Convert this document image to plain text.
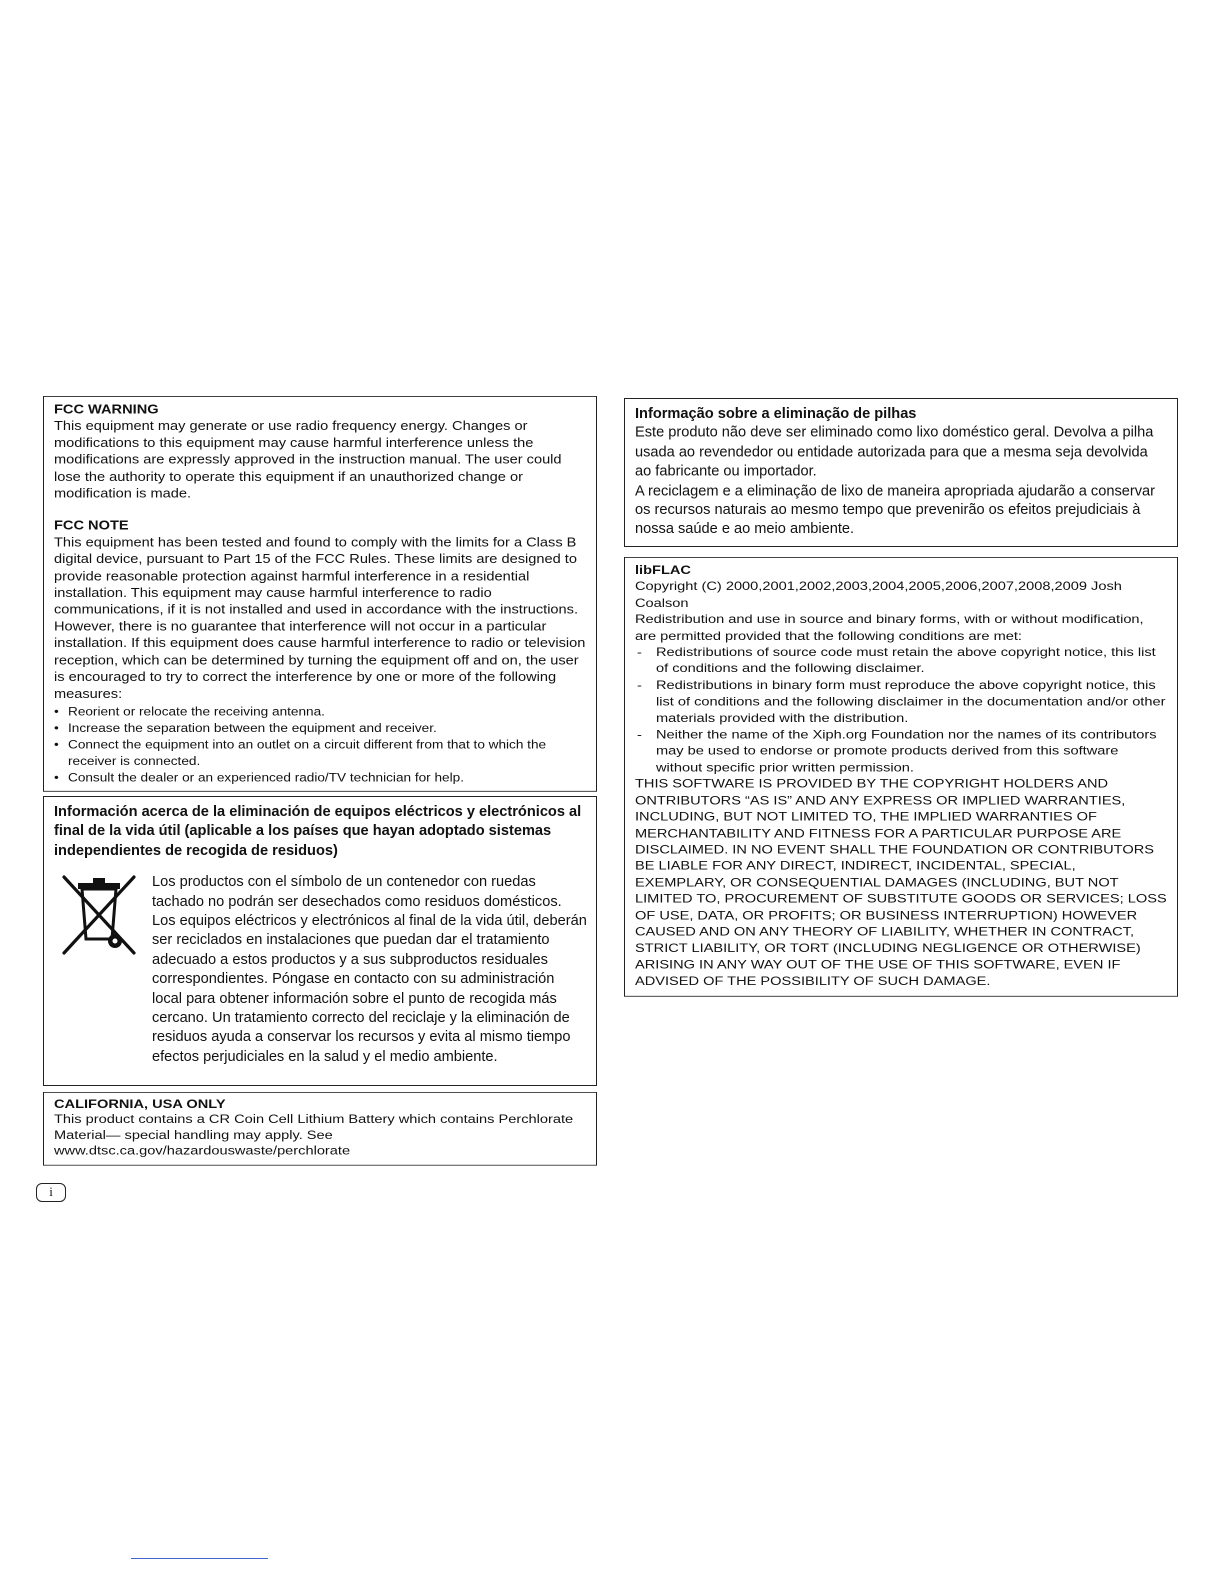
FCC WARNING

This equipment may generate or use radio frequency energy. Changes or modifications to this equipment may cause harmful interference unless the modifications are expressly approved in the instruction manual. The user could lose the authority to operate this equipment if an unauthorized change or modification is made.

FCC NOTE

This equipment has been tested and found to comply with the limits for a Class B digital device, pursuant to Part 15 of the FCC Rules. These limits are designed to provide reasonable protection against harmful interference in a residential installation. This equipment may cause harmful interference to radio communications, if it is not installed and used in accordance with the instructions. However, there is no guarantee that interference will not occur in a particular installation. If this equipment does cause harmful interference to radio or television reception, which can be determined by turning the equipment off and on, the user is encouraged to try to correct the interference by one or more of the following measures:

• Reorient or relocate the receiving antenna.
• Increase the separation between the equipment and receiver.
• Connect the equipment into an outlet on a circuit different from that to which the receiver is connected.
• Consult the dealer or an experienced radio/TV technician for help.

Información acerca de la eliminación de equipos eléctricos y electrónicos al final de la vida útil (aplicable a los países que hayan adoptado sistemas independientes de recogida de residuos)

Los productos con el símbolo de un contenedor con ruedas tachado no podrán ser desechados como residuos domésticos. Los equipos eléctricos y electrónicos al final de la vida útil, deberán ser reciclados en instalaciones que puedan dar el tratamiento adecuado a estos productos y a sus subproductos residuales correspondientes. Póngase en contacto con su administración local para obtener información sobre el punto de recogida más cercano. Un tratamiento correcto del reciclaje y la eliminación de residuos ayuda a conservar los recursos y evita al mismo tiempo efectos perjudiciales en la salud y el medio ambiente.

CALIFORNIA, USA ONLY

This product contains a CR Coin Cell Lithium Battery which contains Perchlorate Material— special handling may apply. See www.dtsc.ca.gov/hazardouswaste/perchlorate

Informação sobre a eliminação de pilhas

Este produto não deve ser eliminado como lixo doméstico geral. Devolva a pilha usada ao revendedor ou entidade autorizada para que a mesma seja devolvida ao fabricante ou importador.

A reciclagem e a eliminação de lixo de maneira apropriada ajudarão a conservar os recursos naturais ao mesmo tempo que prevenirão os efeitos prejudiciais à nossa saúde e ao meio ambiente.

libFLAC

Copyright (C) 2000,2001,2002,2003,2004,2005,2006,2007,2008,2009 Josh Coalson

Redistribution and use in source and binary forms, with or without modification, are permitted provided that the following conditions are met:

- Redistributions of source code must retain the above copyright notice, this list of conditions and the following disclaimer.
- Redistributions in binary form must reproduce the above copyright notice, this list of conditions and the following disclaimer in the documentation and/or other materials provided with the distribution.
- Neither the name of the Xiph.org Foundation nor the names of its contributors may be used to endorse or promote products derived from this software without specific prior written permission.

THIS SOFTWARE IS PROVIDED BY THE COPYRIGHT HOLDERS AND ONTRIBUTORS “AS IS” AND ANY EXPRESS OR IMPLIED WARRANTIES, INCLUDING, BUT NOT LIMITED TO, THE IMPLIED WARRANTIES OF MERCHANTABILITY AND FITNESS FOR A PARTICULAR PURPOSE ARE DISCLAIMED. IN NO EVENT SHALL THE FOUNDATION OR CONTRIBUTORS BE LIABLE FOR ANY DIRECT, INDIRECT, INCIDENTAL, SPECIAL, EXEMPLARY, OR CONSEQUENTIAL DAMAGES (INCLUDING, BUT NOT LIMITED TO, PROCUREMENT OF SUBSTITUTE GOODS OR SERVICES; LOSS OF USE, DATA, OR PROFITS; OR BUSINESS INTERRUPTION) HOWEVER CAUSED AND ON ANY THEORY OF LIABILITY, WHETHER IN CONTRACT, STRICT LIABILITY, OR TORT (INCLUDING NEGLIGENCE OR OTHERWISE) ARISING IN ANY WAY OUT OF THE USE OF THIS SOFTWARE, EVEN IF ADVISED OF THE POSSIBILITY OF SUCH DAMAGE.

i
